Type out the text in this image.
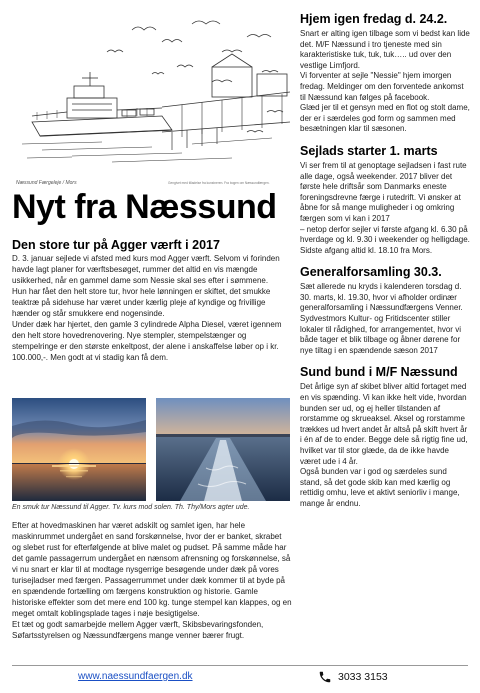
Næssund Færgeleje / Mors	Gengivet med tilladelse fra kunstneren. Fra bogen om Næssundfærgen.
Nyt fra Næssund
Den store tur på Agger værft i 2017

D. 3. januar sejlede vi afsted med kurs mod Agger værft. Selvom vi forinden havde lagt planer for værftsbesøget, rummer det altid en vis mængde usikkerhed, når en gammel dame som Nessie skal ses efter i sømmene.
Hun har fået den helt store tur, hvor hele lønningen er skiftet, det smukke teaktræ på sidehuse har været under kærlig pleje af kyndige og frivillige hænder og står smukkere end nogensinde.
Under dæk har hjertet, den gamle 3 cylindrede Alpha Diesel, været igennem den helt store hovedrenovering. Nye stempler, stempelstænger og stempelringe er den største enkeltpost, der alene i anskaffelse løber op i kr. 100.000,-. Men godt at vi stadig kan få dem.

En smuk tur Næssund til Agger. Tv. kurs mod solen. Th. Thy/Mors agter ude.
Efter at hovedmaskinen har været adskilt og samlet igen, har hele maskinrummet undergået en sand forskønnelse, hvor der er banket, skrabet og slebet rust for efterfølgende at blive malet og pudset. På samme måde har det gamle passagerrum undergået en nænsom afrensning og forskønnelse, så vi nu snart er klar til at modtage nysgerrige besøgende under dæk på vores turisejladser med færgen. Passagerrummet under dæk kommer til at byde på en spændende fortælling om færgens konstruktion og historie. Gamle historiske effekter som det mere end 100 kg. tunge stempel kan klappes, og en meget omtalt koblingsplade tages i nøje besigtigelse.
Et tæt og godt samarbejde mellem Agger værft, Skibsbevaringsfonden, Søfartsstyrelsen og Næssundfærgens mange venner bærer frugt.
Hjem igen fredag d. 24.2.

Snart er alting igen tilbage som vi bedst kan lide det. M/F Næssund i tro tjeneste med sin karakteristiske tuk, tuk, tuk….. ud over den vestlige Limfjord.
Vi forventer at sejle "Nessie" hjem imorgen fredag. Meldinger om den forventede ankomst til Næssund kan følges på facebook.
Glæd jer til et gensyn med en flot og stolt dame, der er i særdeles god form og sammen med besætningen klar til sæsonen.

Sejlads starter 1. marts

Vi ser frem til at genoptage sejladsen i fast rute alle dage, også weekender. 2017 bliver det første hele driftsår som Danmarks eneste foreningsdrevne færge i rutedrift. Vi ønsker at åbne for så mange muligheder i og omkring færgen som vi kan i 2017
– netop derfor sejler vi første afgang kl. 6.30 på hverdage og kl. 9.30 i weekender og helligdage.
Sidste afgang altid kl. 18.10 fra Mors.

Generalforsamling 30.3.

Sæt allerede nu kryds i kalenderen torsdag d. 30. marts, kl. 19.30, hvor vi afholder ordinær generalforsamling i Næssundfærgens Venner.
Sydvestmors Kultur- og Fritidscenter stiller lokaler til rådighed, for arrangementet, hvor vi både tager et blik tilbage og åbner dørene for nye tiltag i en spændende sæson 2017

Sund bund i M/F Næssund

Det årlige syn af skibet bliver altid fortaget med en vis spænding. Vi kan ikke helt vide, hvordan bunden ser ud, og ej heller tilstanden af rorstamme og skrueaksel. Aksel og rorstamme trækkes ud hvert andet år altså på skift hvert år i én af de to ender. Begge dele så rigtig fine ud, hvilket var til stor glæde, da de ikke havde været ude i 4 år.
Også bunden var i god og særdeles sund stand, så det gode skib kan med kærlig og rettidig omhu, leve et aktivt seniorliv i mange, mange år endnu.

www.naessundfaergen.dk	3033 3153
